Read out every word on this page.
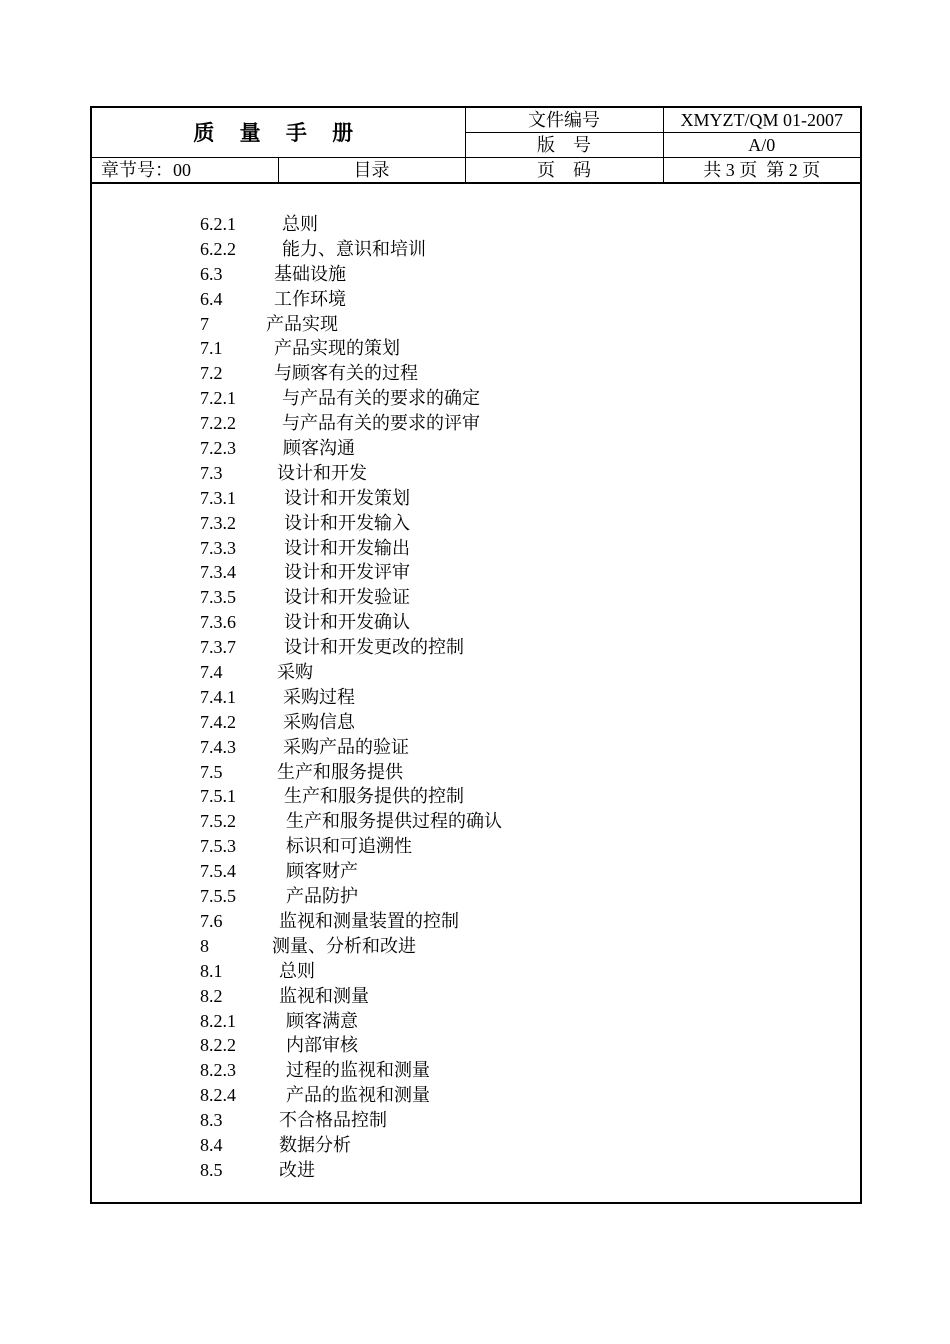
质 量 手 册		文件编号	XMYZT/QM 01-2007
		版    号	A/0
章节号：00	目录	页    码	共 3 页  第 2 页
6.2.1	总则
6.2.2	能力、意识和培训
6.3	基础设施
6.4	工作环境
7	产品实现
7.1	产品实现的策划
7.2	与顾客有关的过程
7.2.1	与产品有关的要求的确定
7.2.2	与产品有关的要求的评审
7.2.3	顾客沟通
7.3	设计和开发
7.3.1	设计和开发策划
7.3.2	设计和开发输入
7.3.3	设计和开发输出
7.3.4	设计和开发评审
7.3.5	设计和开发验证
7.3.6	设计和开发确认
7.3.7	设计和开发更改的控制
7.4	采购
7.4.1	采购过程
7.4.2	采购信息
7.4.3	采购产品的验证
7.5	生产和服务提供
7.5.1	生产和服务提供的控制
7.5.2	生产和服务提供过程的确认
7.5.3	标识和可追溯性
7.5.4	顾客财产
7.5.5	产品防护
7.6	监视和测量装置的控制
8	测量、分析和改进
8.1	总则
8.2	监视和测量
8.2.1	顾客满意
8.2.2	内部审核
8.2.3	过程的监视和测量
8.2.4	产品的监视和测量
8.3	不合格品控制
8.4	数据分析
8.5	改进
